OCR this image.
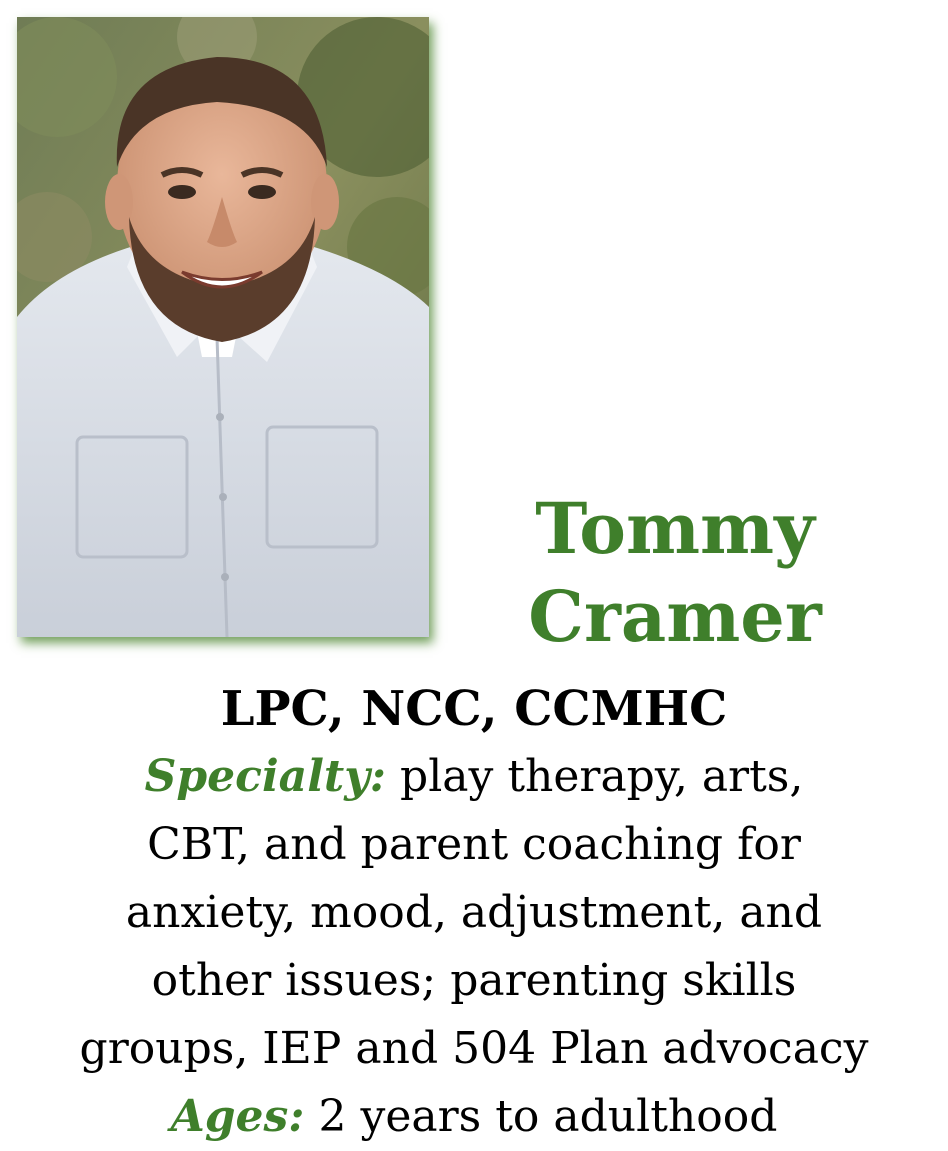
Tommy
Cramer
LPC, NCC, CCMHC
Specialty: play therapy, arts,
CBT, and parent coaching for
anxiety, mood, adjustment, and
other issues; parenting skills
groups, IEP and 504 Plan advocacy
Ages: 2 years to adulthood
